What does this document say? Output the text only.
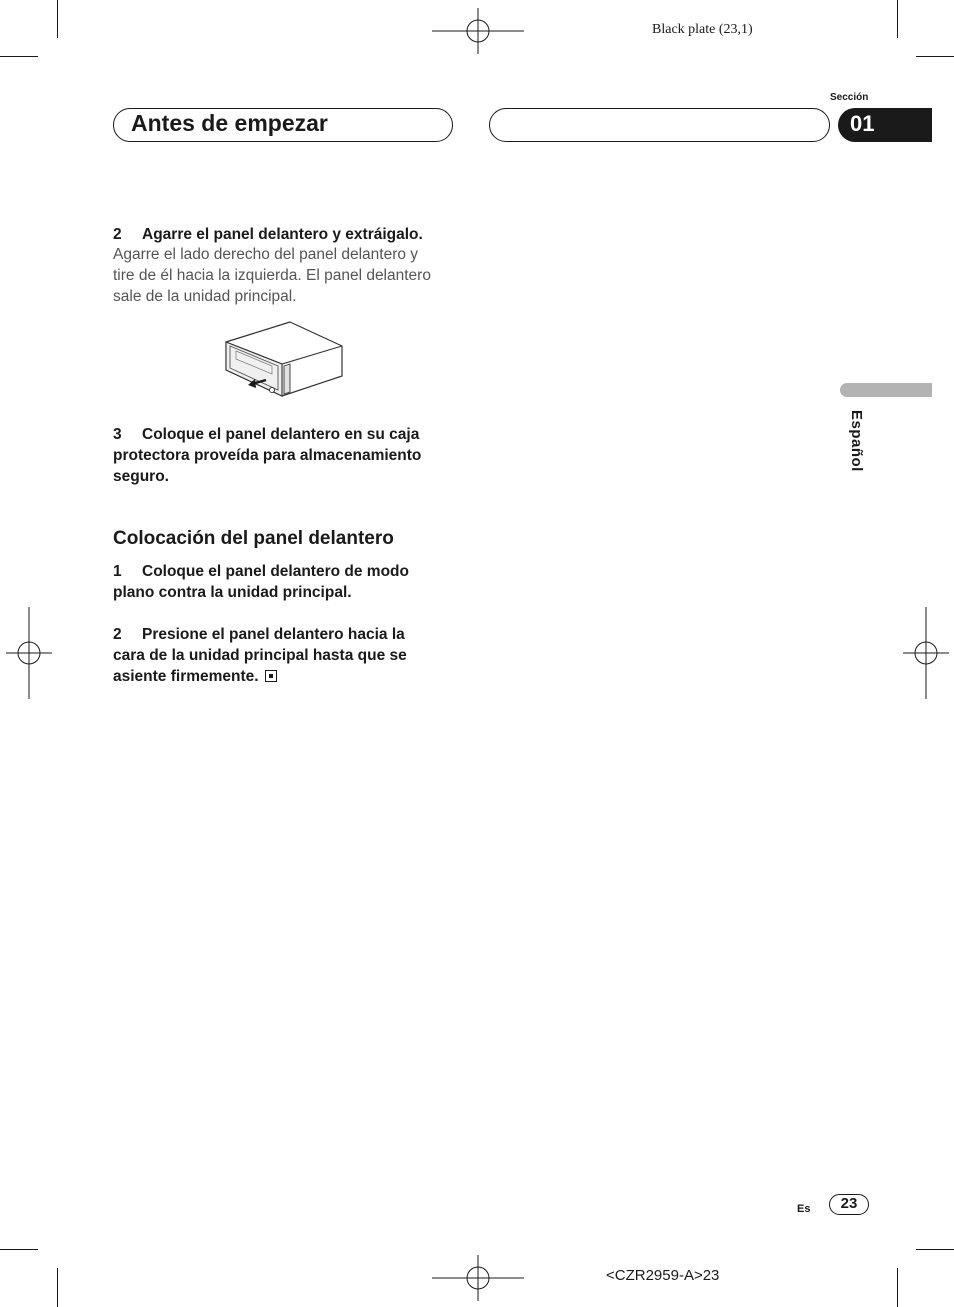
Black plate (23,1)
Sección
Antes de empezar	01
Español
2 Agarre el panel delantero y extráigalo.
Agarre el lado derecho del panel delantero y
tire de él hacia la izquierda. El panel delantero
sale de la unidad principal.
3 Coloque el panel delantero en su caja
protectora proveída para almacenamiento
seguro.
Colocación del panel delantero
1 Coloque el panel delantero de modo
plano contra la unidad principal.
2 Presione el panel delantero hacia la
cara de la unidad principal hasta que se
asiente firmemente.
Es	23
<CZR2959-A>23
